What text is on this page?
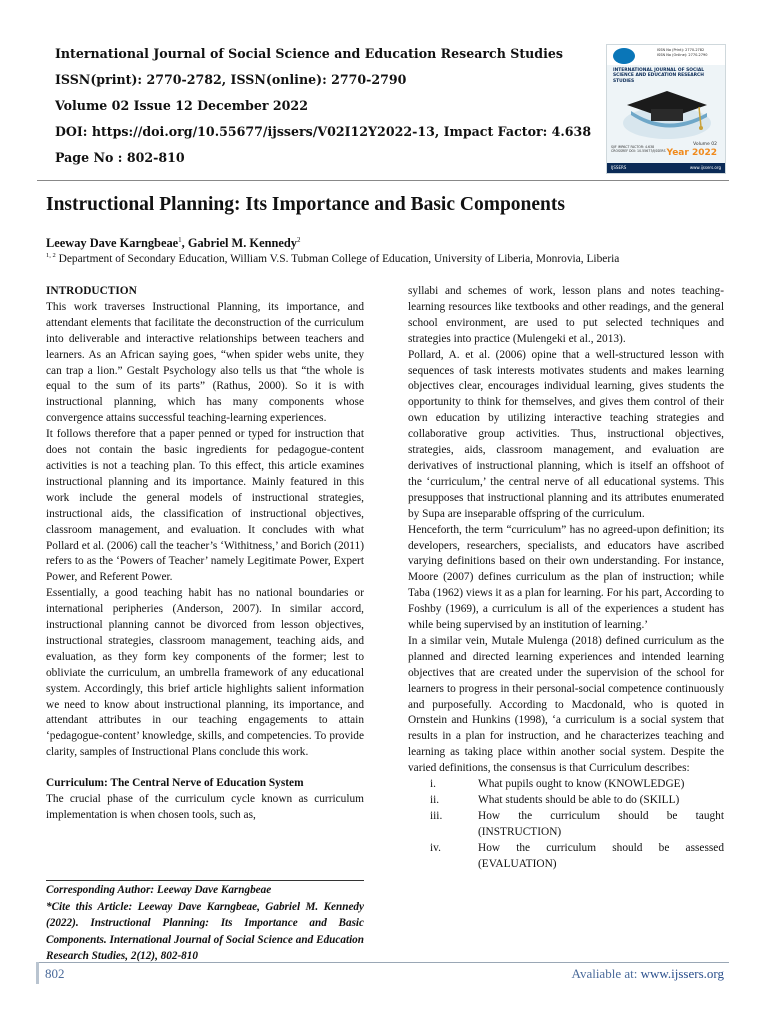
International Journal of Social Science and Education Research Studies
ISSN(print): 2770-2782, ISSN(online): 2770-2790
Volume 02 Issue 12 December 2022
DOI: https://doi.org/10.55677/ijssers/V02I12Y2022-13, Impact Factor: 4.638
Page No : 802-810
ISSN No (Print): 2770-2782
ISSN No (Online): 2770-2790
INTERNATIONAL JOURNAL OF SOCIAL SCIENCE AND EDUCATION RESEARCH STUDIES
SJIF IMPACT FACTOR: 4.638
CROSSREF DOI: 10.55677/IJSSERS
Volume 02
Year 2022
IJSSERS	www.ijssers.org
Instructional Planning: Its Importance and Basic Components
Leeway Dave Karngbeae$^1$, Gabriel M. Kennedy$^2$
$^{1, 2}$ Department of Secondary Education, William V.S. Tubman College of Education, University of Liberia, Monrovia, Liberia

INTRODUCTION

This work traverses Instructional Planning, its importance, and attendant elements that facilitate the deconstruction of the curriculum into deliverable and interactive relationships between teachers and learners. As an African saying goes, “when spider webs unite, they can trap a lion.” Gestalt Psychology also tells us that “the whole is equal to the sum of its parts” (Rathus, 2000). So it is with instructional planning, which has many components whose convergence attains successful teaching-learning experiences.

It follows therefore that a paper penned or typed for instruction that does not contain the basic ingredients for pedagogue-content activities is not a teaching plan. To this effect, this article examines instructional planning and its importance. Mainly featured in this work include the general models of instructional strategies, instructional aids, the classification of instructional objectives, classroom management, and evaluation. It concludes with what Pollard et al. (2006) call the teacher’s ‘Withitness,’ and Borich (2011) refers to as the ‘Powers of Teacher’ namely Legitimate Power, Expert Power, and Referent Power.

Essentially, a good teaching habit has no national boundaries or international peripheries (Anderson, 2007). In similar accord, instructional planning cannot be divorced from lesson objectives, instructional strategies, classroom management, teaching aids, and evaluation, as they form key components of the former; lest to obliviate the curriculum, an umbrella framework of any educational system. Accordingly, this brief article highlights salient information we need to know about instructional planning, its importance, and attendant attributes in our teaching engagements to attain ‘pedagogue-content’ knowledge, skills, and competencies. To provide clarity, samples of Instructional Plans conclude this work.

Curriculum: The Central Nerve of Education System

The crucial phase of the curriculum cycle known as curriculum implementation is when chosen tools, such as,

Corresponding Author: Leeway Dave Karngbeae

*Cite this Article: Leeway Dave Karngbeae, Gabriel M. Kennedy (2022). Instructional Planning: Its Importance and Basic Components. International Journal of Social Science and Education Research Studies, 2(12), 802-810

syllabi and schemes of work, lesson plans and notes teaching-learning resources like textbooks and other readings, and the general school environment, are used to put selected techniques and strategies into practice (Mulengeki et al., 2013).

Pollard, A. et al. (2006) opine that a well-structured lesson with sequences of task interests motivates students and makes learning objectives clear, encourages individual learning, gives students the opportunity to think for themselves, and gives them control of their own education by utilizing interactive teaching strategies and collaborative group activities. Thus, instructional objectives, strategies, aids, classroom management, and evaluation are derivatives of instructional planning, which is itself an offshoot of the ‘curriculum,’ the central nerve of all educational systems. This presupposes that instructional planning and its attributes enumerated by Supa are inseparable offspring of the curriculum.

Henceforth, the term “curriculum” has no agreed-upon definition; its developers, researchers, specialists, and educators have ascribed varying definitions based on their own understanding. For instance, Moore (2007) defines curriculum as the plan of instruction; while Taba (1962) views it as a plan for learning. For his part, According to Foshby (1969), a curriculum is all of the experiences a student has while being supervised by an institution of learning.’

In a similar vein, Mutale Mulenga (2018) defined curriculum as the planned and directed learning experiences and intended learning objectives that are created under the supervision of the school for learners to progress in their personal-social competence continuously and purposefully. According to Macdonald, who is quoted in Ornstein and Hunkins (1998), ‘a curriculum is a social system that results in a plan for instruction, and he characterizes teaching and learning as taking place within another social system. Despite the varied definitions, the consensus is that Curriculum describes:

i.	What pupils ought to know (KNOWLEDGE)
ii.	What students should be able to do (SKILL)
iii.	How the curriculum should be taught (INSTRUCTION)
iv.	How the curriculum should be assessed (EVALUATION)
802	Avaliable at: www.ijssers.org
